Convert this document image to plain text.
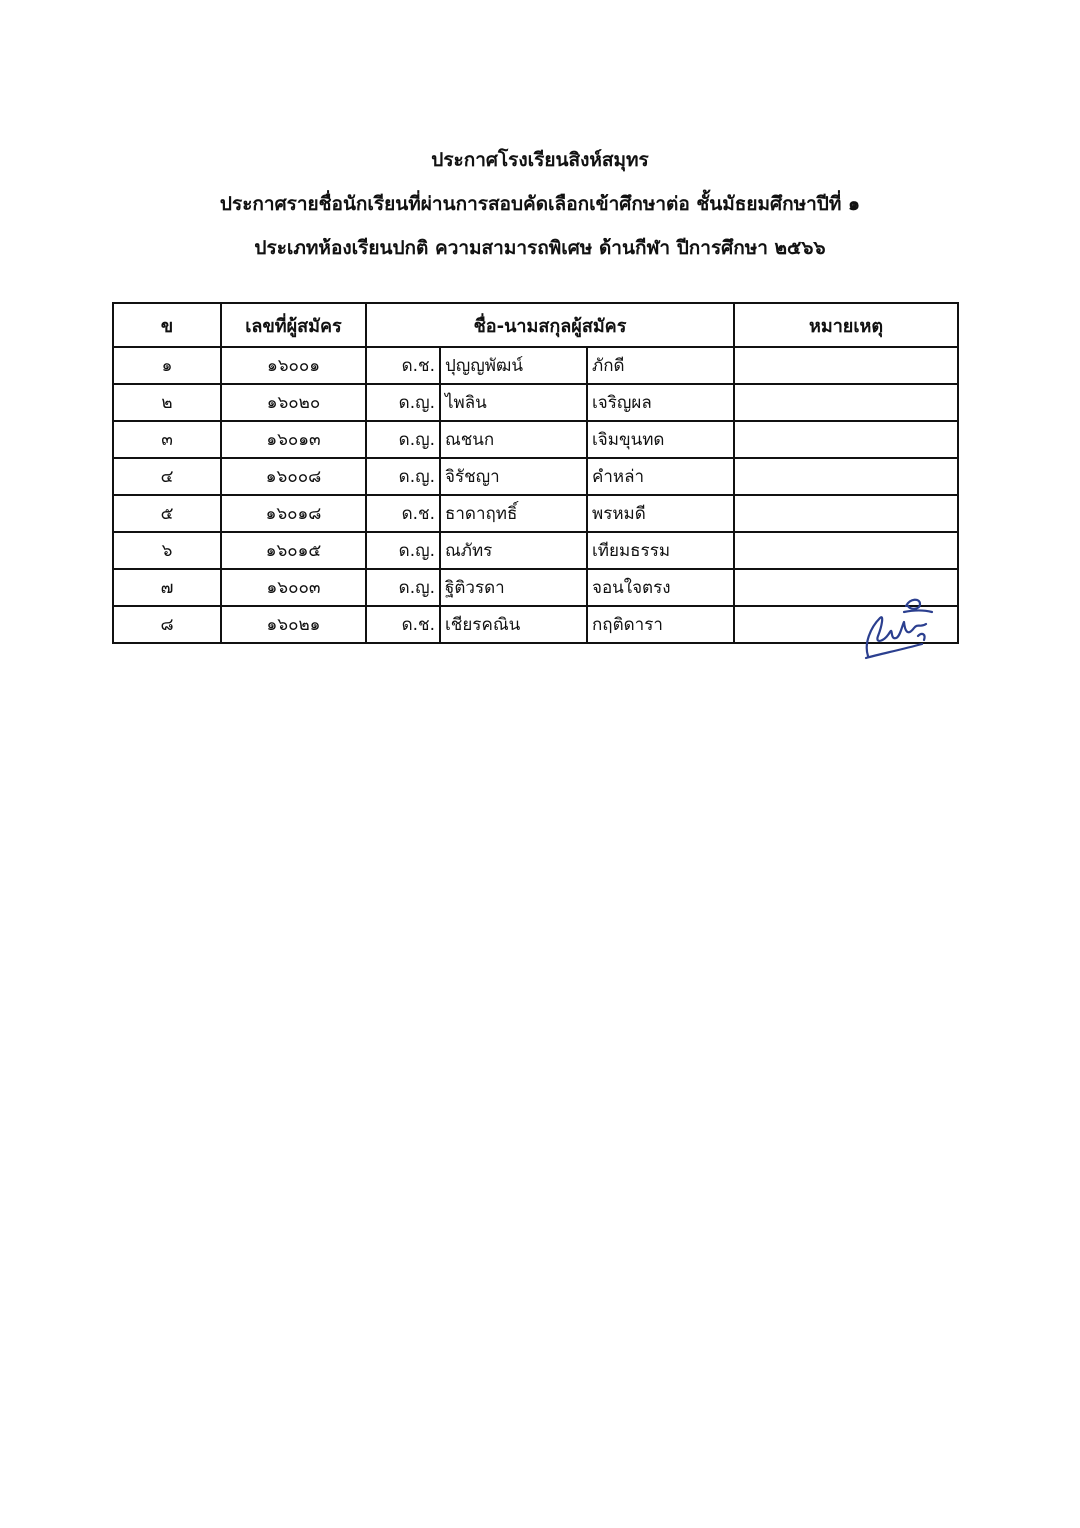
ประกาศโรงเรียนสิงห์สมุทร
ประกาศรายชื่อนักเรียนที่ผ่านการสอบคัดเลือกเข้าศึกษาต่อ ชั้นมัธยมศึกษาปีที่ ๑
ประเภทห้องเรียนปกติ ความสามารถพิเศษ ด้านกีฬา ปีการศึกษา ๒๕๖๖
ข	เลขที่ผู้สมัคร	ชื่อ-นามสกุลผู้สมัคร			หมายเหตุ
๑	๑๖๐๐๑	ด.ช.	ปุญญพัฒน์	ภักดี	
๒	๑๖๐๒๐	ด.ญ.	ไพลิน	เจริญผล	
๓	๑๖๐๑๓	ด.ญ.	ณชนก	เจิมขุนทด	
๔	๑๖๐๐๘	ด.ญ.	จิรัชญา	คำหล่า	
๕	๑๖๐๑๘	ด.ช.	ธาดาฤทธิ์	พรหมดี	
๖	๑๖๐๑๕	ด.ญ.	ณภัทร	เทียมธรรม	
๗	๑๖๐๐๓	ด.ญ.	ฐิติวรดา	จอนใจตรง	
๘	๑๖๐๒๑	ด.ช.	เชียรคณิน	กฤติดารา	
